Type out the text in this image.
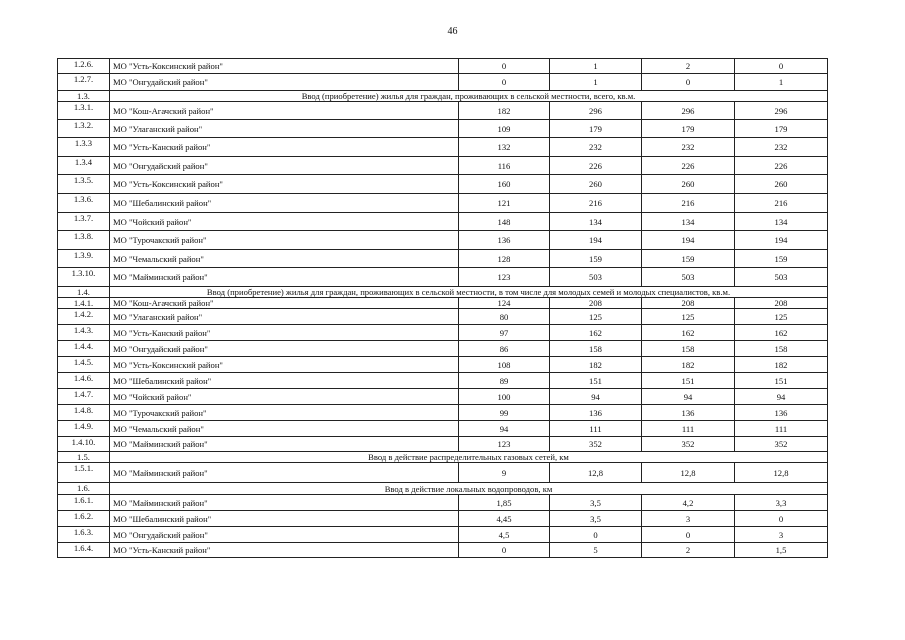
46
1.2.6.	МО "Усть-Коксинский район"	0	1	2	0
1.2.7.	МО "Онгудайский район"	0	1	0	1
1.3.	Ввод (приобретение) жилья для граждан, проживающих в сельской местности, всего, кв.м.				
1.3.1.	МО "Кош-Агачский район"	182	296	296	296
1.3.2.	МО "Улаганский район"	109	179	179	179
1.3.3	МО "Усть-Канский район"	132	232	232	232
1.3.4	МО "Онгудайский район"	116	226	226	226
1.3.5.	МО "Усть-Коксинский район"	160	260	260	260
1.3.6.	МО "Шебалинский район"	121	216	216	216
1.3.7.	МО "Чойский район"	148	134	134	134
1.3.8.	МО "Турочакский район"	136	194	194	194
1.3.9.	МО "Чемальский район"	128	159	159	159
1.3.10.	МО "Майминский район"	123	503	503	503
1.4.	Ввод (приобретение) жилья для граждан, проживающих в сельской местности, в том числе для молодых семей и молодых специалистов, кв.м.				
1.4.1.	МО "Кош-Агачский район"	124	208	208	208
1.4.2.	МО "Улаганский район"	80	125	125	125
1.4.3.	МО "Усть-Канский район"	97	162	162	162
1.4.4.	МО "Онгудайский район"	86	158	158	158
1.4.5.	МО "Усть-Коксинский район"	108	182	182	182
1.4.6.	МО "Шебалинский район"	89	151	151	151
1.4.7.	МО "Чойский район"	100	94	94	94
1.4.8.	МО "Турочакский район"	99	136	136	136
1.4.9.	МО "Чемальский район"	94	111	111	111
1.4.10.	МО "Майминский район"	123	352	352	352
1.5.	Ввод в действие распределительных газовых сетей, км				
1.5.1.	МО "Майминский район"	9	12,8	12,8	12,8
1.6.	Ввод в действие локальных водопроводов, км				
1.6.1.	МО "Майминский район"	1,85	3,5	4,2	3,3
1.6.2.	МО "Шебалинский район"	4,45	3,5	3	0
1.6.3.	МО "Онгудайский район"	4,5	0	0	3
1.6.4.	МО "Усть-Канский район"	0	5	2	1,5
